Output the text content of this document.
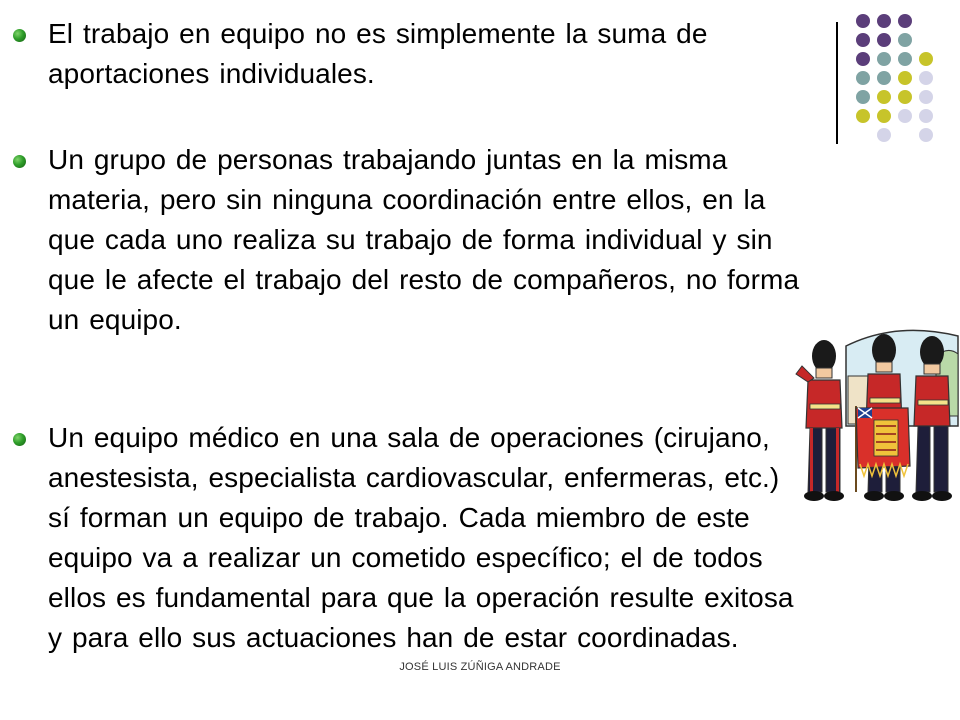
El trabajo en equipo no es simplemente la suma de
aportaciones individuales.
Un grupo de personas trabajando juntas en la misma
materia, pero sin ninguna coordinación entre ellos, en la
que cada uno realiza su trabajo de forma individual y sin
que le afecte el trabajo del resto de compañeros, no forma
un equipo.
Un equipo médico en una sala de operaciones (cirujano,
anestesista, especialista cardiovascular, enfermeras, etc.)
sí forman un equipo de trabajo. Cada miembro de este
equipo va a realizar un cometido específico; el de todos
ellos es fundamental para que la operación resulte exitosa
y para ello sus actuaciones han de estar coordinadas.
JOSÉ LUIS ZÚÑIGA ANDRADE
